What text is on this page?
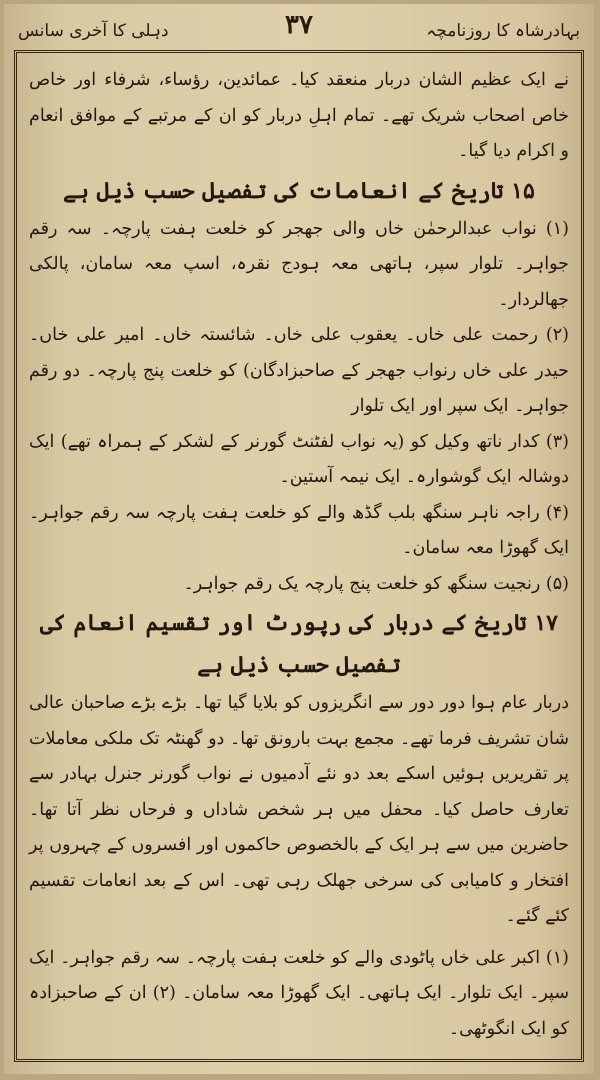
بہادرشاہ کا روزنامچہ
۳۷
دہلی کا آخری سانس

نے ایک عظیم الشان دربار منعقد کیا۔ عمائدین، رؤساء، شرفاء اور خاص خاص اصحاب شریک تھے۔ تمام اہلِ دربار کو ان کے مرتبے کے موافق انعام و اکرام دیا گیا۔

۱۵ تاریخ کے انعامات کی تفصیل حسب ذیل ہے

(۱) نواب عبدالرحمٰن خاں والی جھجر کو خلعت ہفت پارچہ۔ سہ رقم جواہر۔ تلوار سپر، ہاتھی معہ ہودج نقرہ، اسپ معہ سامان، پالکی جھالردار۔

(۲) رحمت علی خاں۔ یعقوب علی خاں۔ شائستہ خاں۔ امیر علی خاں۔ حیدر علی خاں رنواب جھجر کے صاحبزادگان) کو خلعت پنج پارچہ۔ دو رقم جواہر۔ ایک سپر اور ایک تلوار

(۳) کدار ناتھ وکیل کو (یہ نواب لفٹنٹ گورنر کے لشکر کے ہمراہ تھے) ایک دوشالہ ایک گوشوارہ۔ ایک نیمہ آستین۔

(۴) راجہ ناہر سنگھ بلب گڈھ والے کو خلعت ہفت پارچہ سہ رقم جواہر۔ ایک گھوڑا معہ سامان۔

(۵) رنجیت سنگھ کو خلعت پنج پارچہ یک رقم جواہر۔

۱۷ تاریخ کے دربار کی رپورٹ اور تقسیم انعام کی تفصیل حسب ذیل ہے

دربار عام ہوا دور دور سے انگریزوں کو بلایا گیا تھا۔ بڑے بڑے صاحبان عالی شان تشریف فرما تھے۔ مجمع بہت بارونق تھا۔ دو گھنٹہ تک ملکی معاملات پر تقریریں ہوئیں اسکے بعد دو نئے آدمیوں نے نواب گورنر جنرل بہادر سے تعارف حاصل کیا۔ محفل میں ہر شخص شاداں و فرحاں نظر آتا تھا۔ حاضرین میں سے ہر ایک کے بالخصوص حاکموں اور افسروں کے چہروں پر افتخار و کامیابی کی سرخی جھلک رہی تھی۔ اس کے بعد انعامات تقسیم کئے گئے۔

(۱) اکبر علی خاں پاٹودی والے کو خلعت ہفت پارچہ۔ سہ رقم جواہر۔ ایک سپر۔ ایک تلوار۔ ایک ہاتھی۔ ایک گھوڑا معہ سامان۔ (۲) ان کے صاحبزادہ کو ایک انگوٹھی۔
